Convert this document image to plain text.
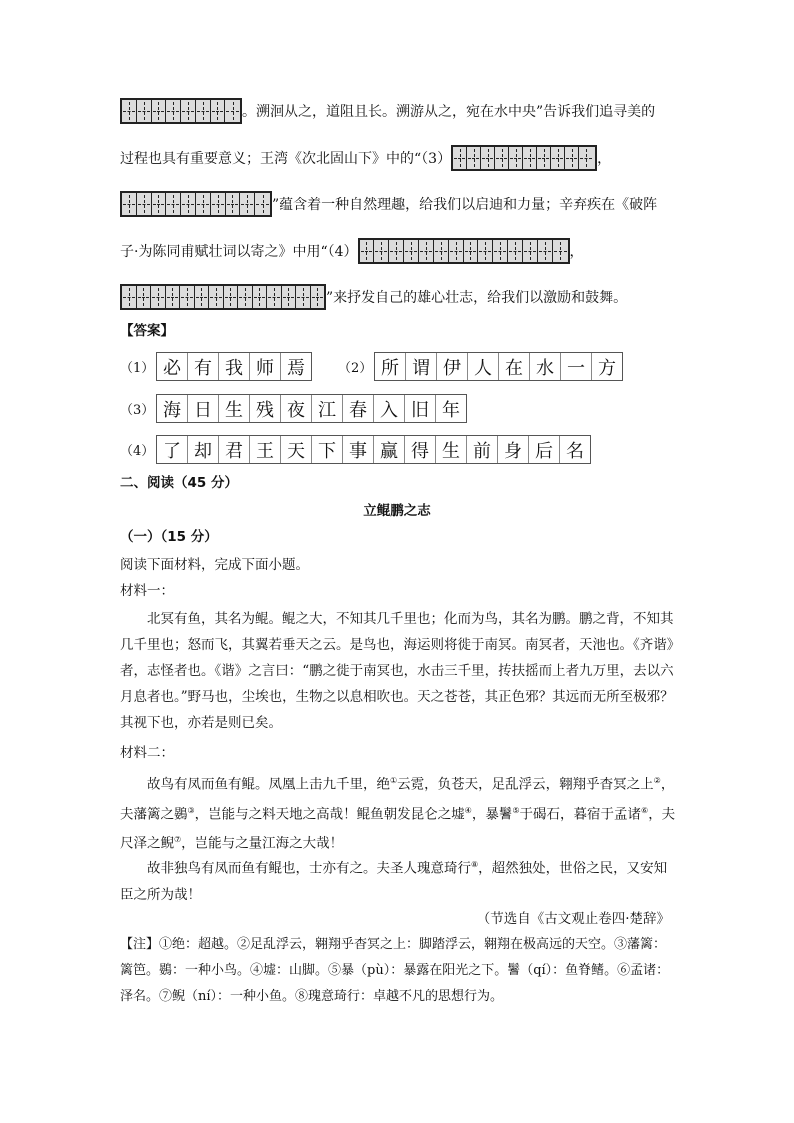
。溯洄从之，道阻且长。溯游从之，宛在水中央”告诉我们追寻美的
过程也具有重要意义；王湾《次北固山下》中的“（3）	，
”蕴含着一种自然理趣，给我们以启迪和力量；辛弃疾在《破阵
子·为陈同甫赋壮词以寄之》中用“（4）	，
”来抒发自己的雄心壮志，给我们以激励和鼓舞。
【答案】
（1） 必 有 我 师 焉	（2） 所 谓 伊 人 在 水 一 方
（3） 海 日 生 残 夜 江 春 入 旧 年
（4） 了 却 君 王 天 下 事 赢 得 生 前 身 后 名
二、阅读（45 分）
立鲲鹏之志
（一）（15 分）
阅读下面材料，完成下面小题。
材料一：
北冥有鱼，其名为鲲。鲲之大，不知其几千里也；化而为鸟，其名为鹏。鹏之背，不知其几千里也；怒而飞，其翼若垂天之云。是鸟也，海运则将徙于南冥。南冥者，天池也。《齐谐》者，志怪者也。《谐》之言曰：“鹏之徙于南冥也，水击三千里，抟扶摇而上者九万里，去以六月息者也。”野马也，尘埃也，生物之以息相吹也。天之苍苍，其正色邪？其远而无所至极邪？其视下也，亦若是则已矣。
材料二：
故鸟有凤而鱼有鲲。凤凰上击九千里，绝①云霓，负苍天，足乱浮云，翱翔乎杳冥之上②，夫藩篱之鷃③，岂能与之料天地之高哉！鲲鱼朝发昆仑之墟④，暴鬐⑤于碣石，暮宿于孟诸⑥，夫尺泽之鲵⑦，岂能与之量江海之大哉！
故非独鸟有凤而鱼有鲲也，士亦有之。夫圣人瑰意琦行⑧，超然独处，世俗之民，又安知臣之所为哉！
（节选自《古文观止卷四·楚辞》
【注】①绝：超越。②足乱浮云，翱翔乎杳冥之上：脚踏浮云，翱翔在极高远的天空。③藩篱：篱笆。鷃：一种小鸟。④墟：山脚。⑤暴（pù）：暴露在阳光之下。鬐（qí）：鱼脊鳍。⑥孟诸：泽名。⑦鲵（ní）：一种小鱼。⑧瑰意琦行：卓越不凡的思想行为。
